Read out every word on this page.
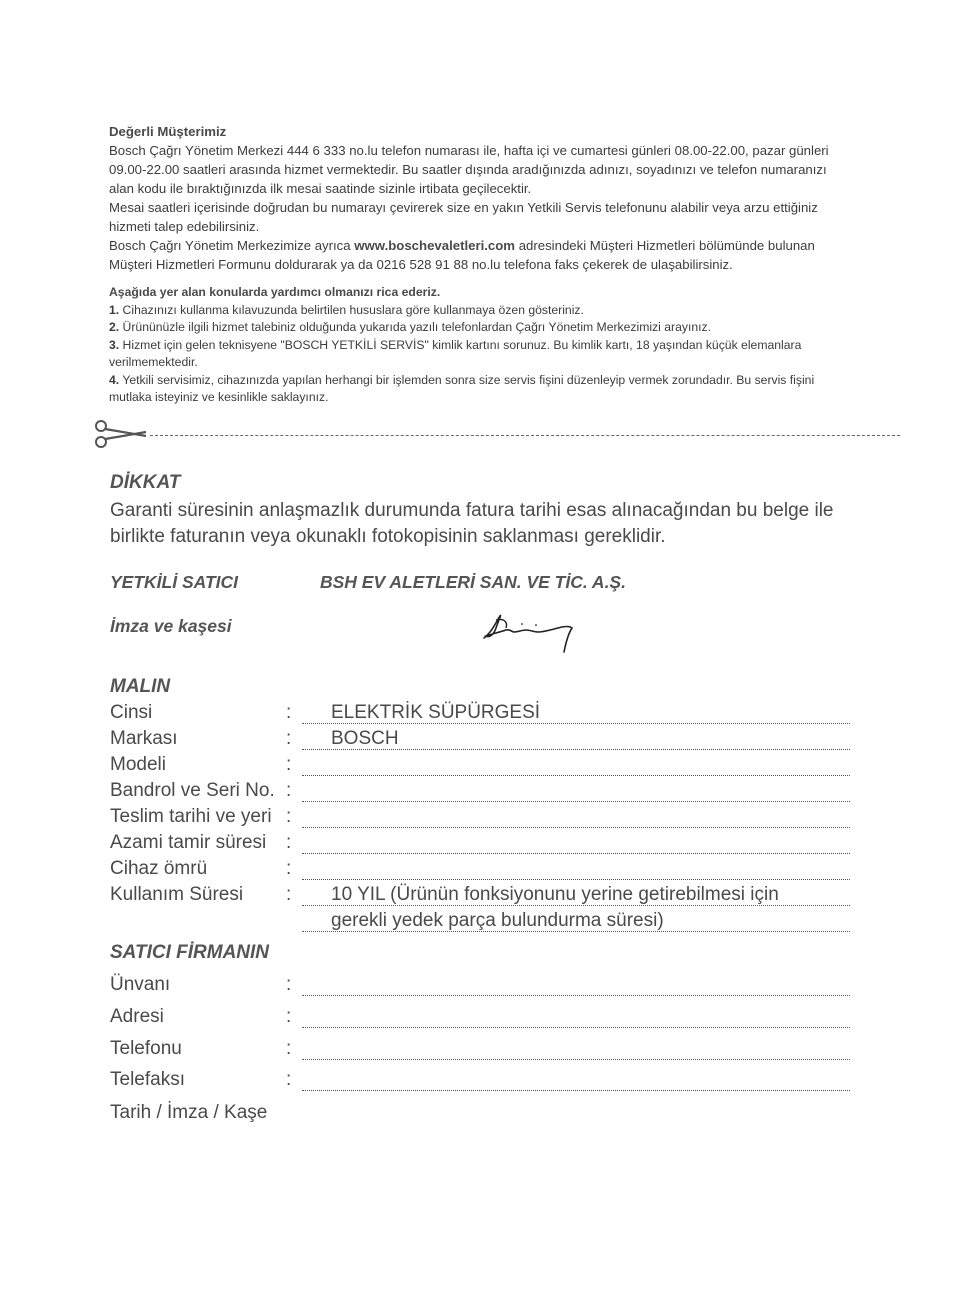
Değerli Müşterimiz

Bosch Çağrı Yönetim Merkezi 444 6 333 no.lu telefon numarası ile, hafta içi ve cumartesi günleri 08.00-22.00, pazar günleri 09.00-22.00 saatleri arasında hizmet vermektedir. Bu saatler dışında aradığınızda adınızı, soyadınızı ve telefon numaranızı alan kodu ile bıraktığınızda ilk mesai saatinde sizinle irtibata geçilecektir.

Mesai saatleri içerisinde doğrudan bu numarayı çevirerek size en yakın Yetkili Servis telefonunu alabilir veya arzu ettiğiniz hizmeti talep edebilirsiniz.

Bosch Çağrı Yönetim Merkezimize ayrıca www.boschevaletleri.com adresindeki Müşteri Hizmetleri bölümünde bulunan Müşteri Hizmetleri Formunu doldurarak ya da 0216 528 91 88 no.lu telefona faks çekerek de ulaşabilirsiniz.

Aşağıda yer alan konularda yardımcı olmanızı rica ederiz.

1. Cihazınızı kullanma kılavuzunda belirtilen hususlara göre kullanmaya özen gösteriniz.

2. Ürününüzle ilgili hizmet talebiniz olduğunda yukarıda yazılı telefonlardan Çağrı Yönetim Merkezimizi arayınız.

3. Hizmet için gelen teknisyene "BOSCH YETKİLİ SERVİS" kimlik kartını sorunuz. Bu kimlik kartı, 18 yaşından küçük elemanlara verilmemektedir.

4. Yetkili servisimiz, cihazınızda yapılan herhangi bir işlemden sonra size servis fişini düzenleyip vermek zorundadır. Bu servis fişini mutlaka isteyiniz ve kesinlikle saklayınız.

DİKKAT
Garanti süresinin anlaşmazlık durumunda fatura tarihi esas alınacağından bu belge ile birlikte faturanın veya okunaklı fotokopisinin saklanması gereklidir.
YETKİLİ SATICI	BSH EV ALETLERİ SAN. VE TİC. A.Ş.
İmza ve kaşesi
MALIN
Cinsi	: ELEKTRİK SÜPÜRGESİ
Markası	: BOSCH
Modeli	:
Bandrol ve Seri No. :
Teslim tarihi ve yeri :
Azami tamir süresi :
Cihaz ömrü	:
Kullanım Süresi : 10 YIL (Ürünün fonksiyonunu yerine getirebilmesi için
gerekli yedek parça bulundurma süresi)
SATICI FİRMANIN
Ünvanı	:
Adresi	:
Telefonu	:
Telefaksı	:
Tarih / İmza / Kaşe
